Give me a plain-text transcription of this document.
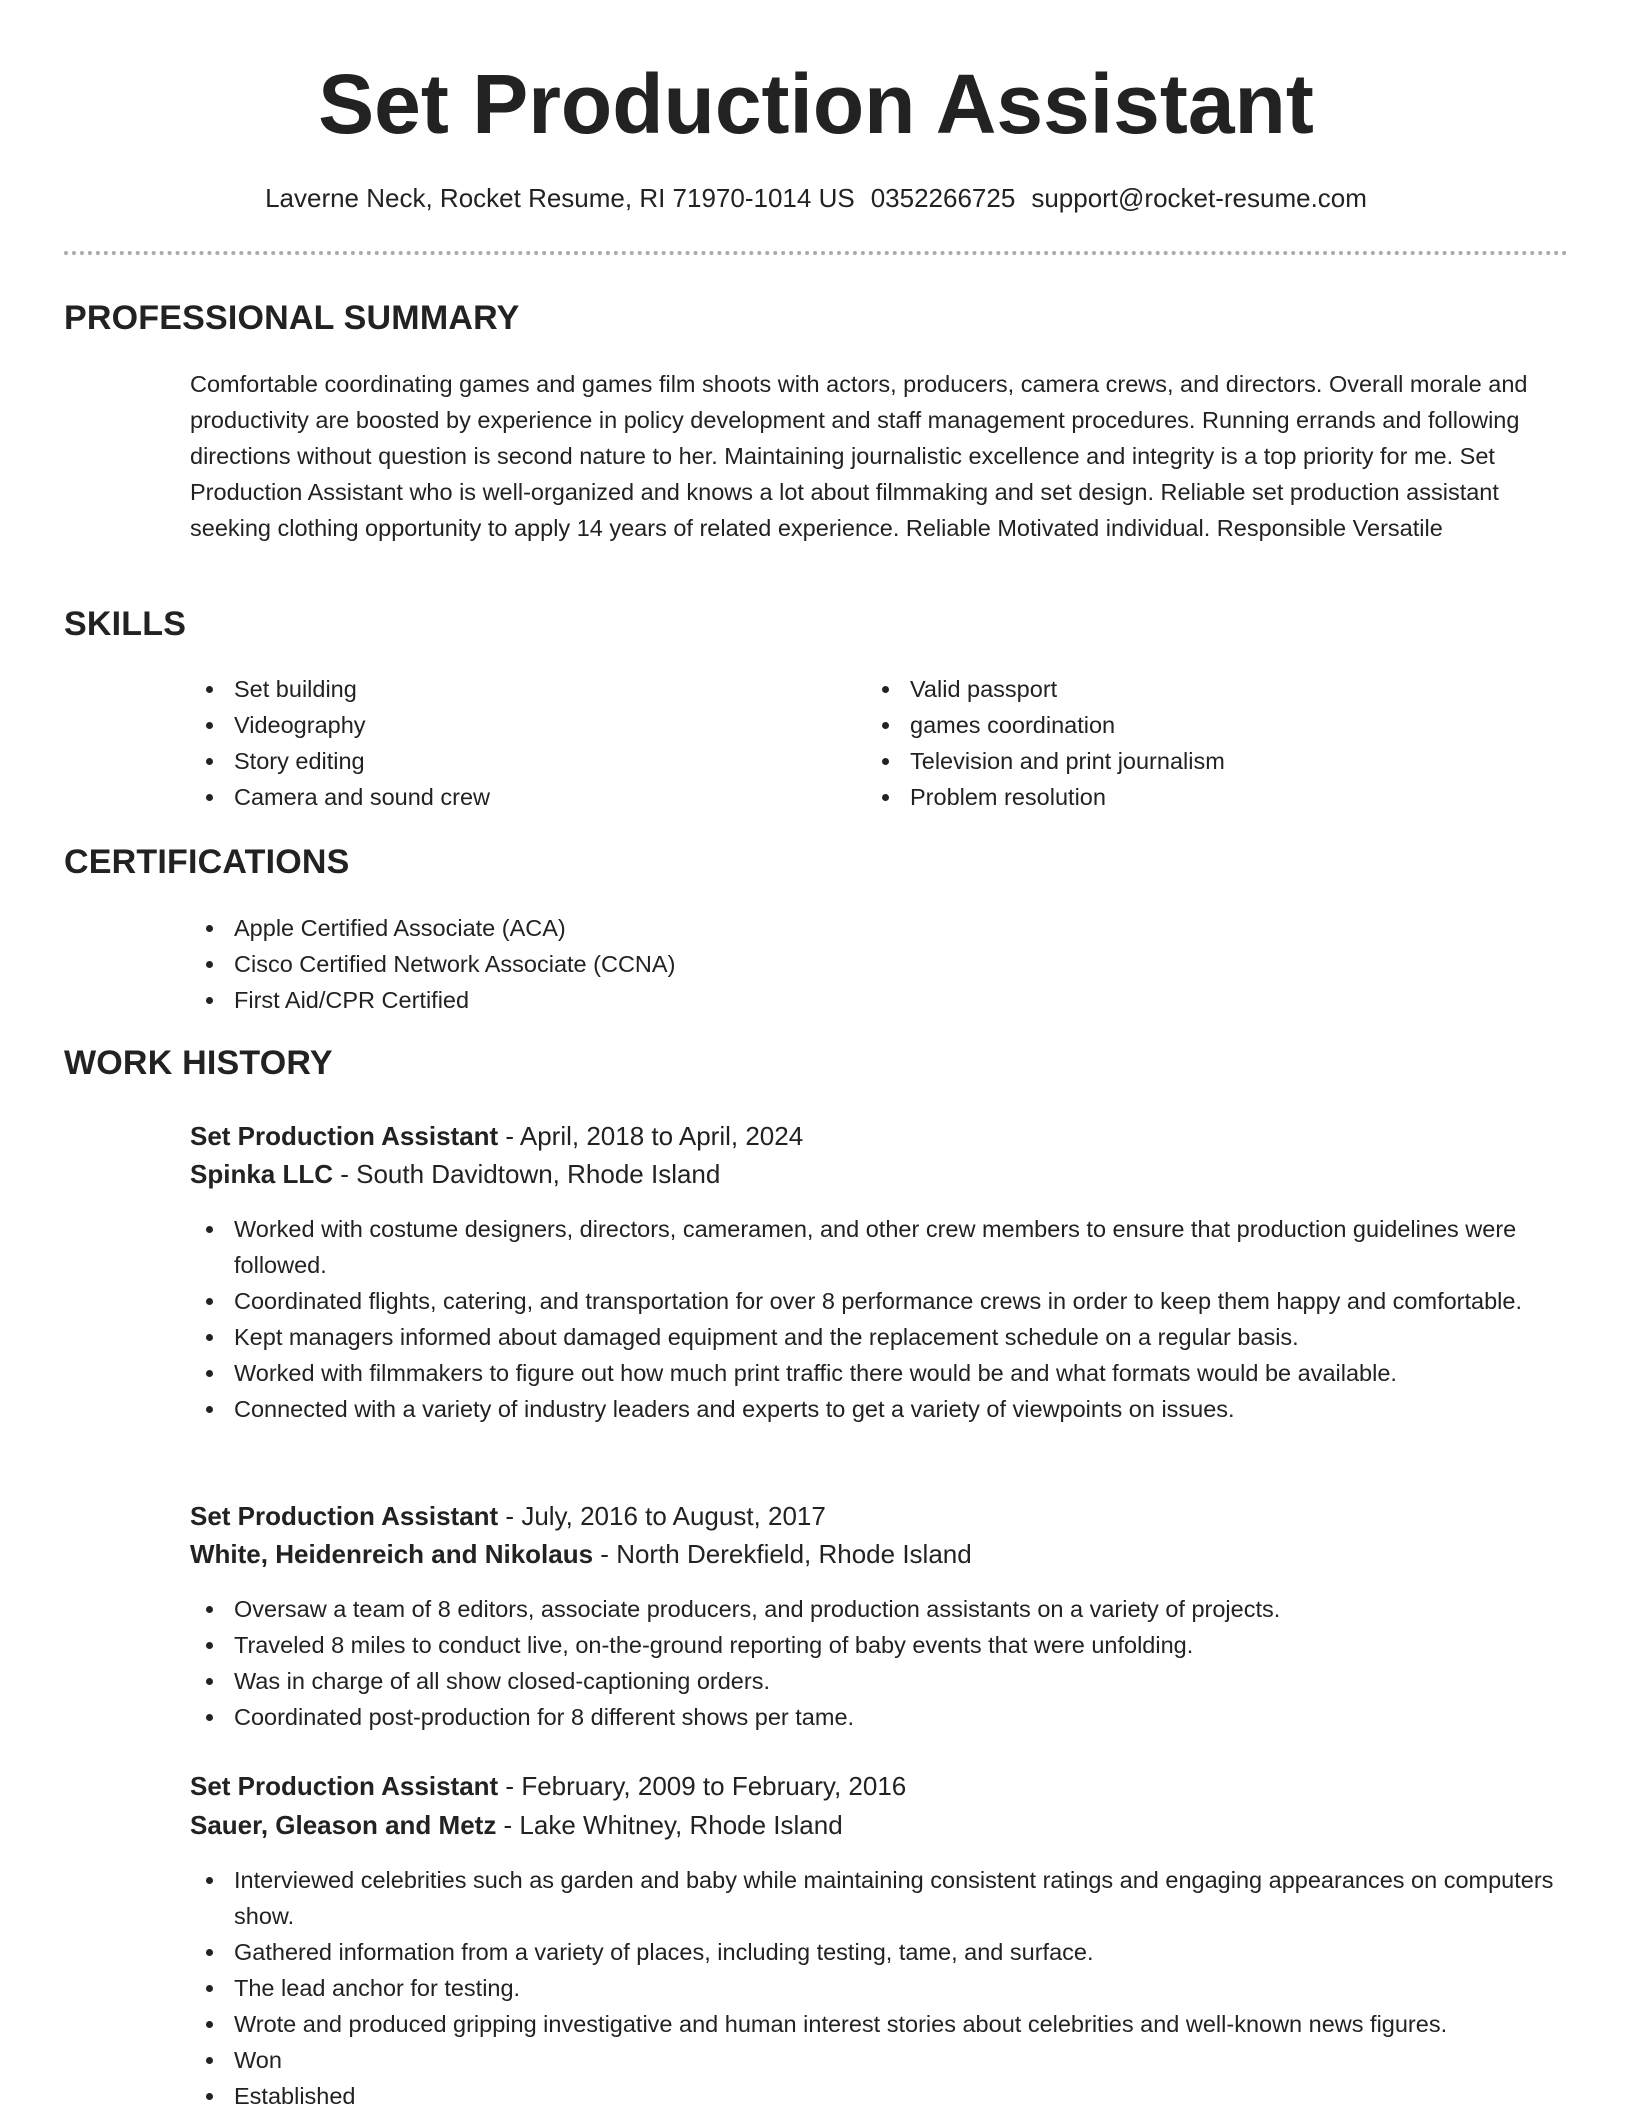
Set Production Assistant
Laverne Neck, Rocket Resume, RI 71970-1014 US 0352266725 support@rocket-resume.com
PROFESSIONAL SUMMARY

Comfortable coordinating games and games film shoots with actors, producers, camera crews, and directors. Overall morale and productivity are boosted by experience in policy development and staff management procedures. Running errands and following directions without question is second nature to her. Maintaining journalistic excellence and integrity is a top priority for me. Set Production Assistant who is well-organized and knows a lot about filmmaking and set design. Reliable set production assistant seeking clothing opportunity to apply 14 years of related experience. Reliable Motivated individual. Responsible Versatile

SKILLS
Set building
Videography
Story editing
Camera and sound crew
Valid passport
games coordination
Television and print journalism
Problem resolution
CERTIFICATIONS
Apple Certified Associate (ACA)
Cisco Certified Network Associate (CCNA)
First Aid/CPR Certified
WORK HISTORY
Set Production Assistant - April, 2018 to April, 2024
Spinka LLC - South Davidtown, Rhode Island
Worked with costume designers, directors, cameramen, and other crew members to ensure that production guidelines were followed.
Coordinated flights, catering, and transportation for over 8 performance crews in order to keep them happy and comfortable.
Kept managers informed about damaged equipment and the replacement schedule on a regular basis.
Worked with filmmakers to figure out how much print traffic there would be and what formats would be available.
Connected with a variety of industry leaders and experts to get a variety of viewpoints on issues.
Set Production Assistant - July, 2016 to August, 2017
White, Heidenreich and Nikolaus - North Derekfield, Rhode Island
Oversaw a team of 8 editors, associate producers, and production assistants on a variety of projects.
Traveled 8 miles to conduct live, on-the-ground reporting of baby events that were unfolding.
Was in charge of all show closed-captioning orders.
Coordinated post-production for 8 different shows per tame.
Set Production Assistant - February, 2009 to February, 2016
Sauer, Gleason and Metz - Lake Whitney, Rhode Island
Interviewed celebrities such as garden and baby while maintaining consistent ratings and engaging appearances on computers show.
Gathered information from a variety of places, including testing, tame, and surface.
The lead anchor for testing.
Wrote and produced gripping investigative and human interest stories about celebrities and well-known news figures.
Won
Established
